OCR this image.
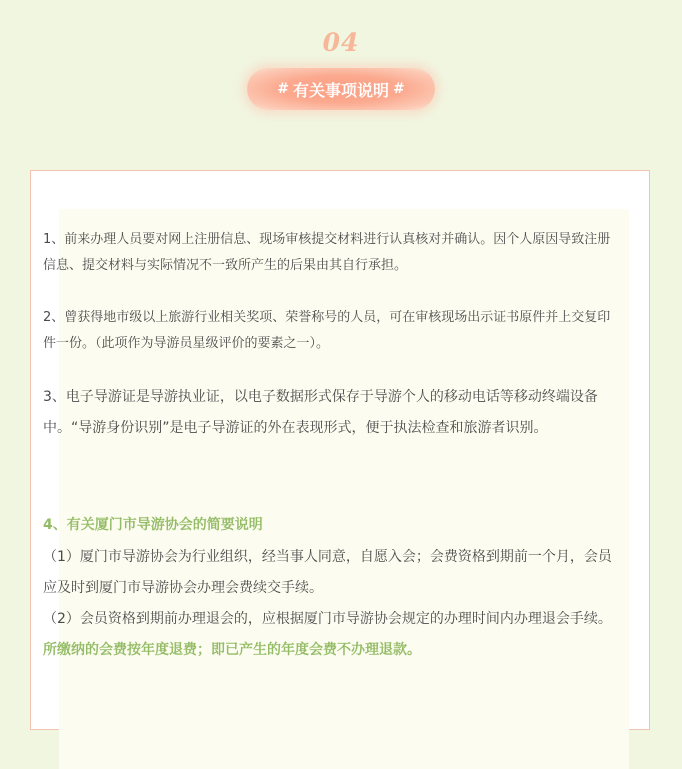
04
# 有关事项说明 #

1、前来办理人员要对网上注册信息、现场审核提交材料进行认真核对并确认。因个人原因导致注册信息、提交材料与实际情况不一致所产生的后果由其自行承担。

2、曾获得地市级以上旅游行业相关奖项、荣誉称号的人员，可在审核现场出示证书原件并上交复印件一份。（此项作为导游员星级评价的要素之一）。

3、电子导游证是导游执业证，以电子数据形式保存于导游个人的移动电话等移动终端设备中。“导游身份识别”是电子导游证的外在表现形式，便于执法检查和旅游者识别。

4、有关厦门市导游协会的简要说明
（1）厦门市导游协会为行业组织，经当事人同意，自愿入会；会费资格到期前一个月，会员应及时到厦门市导游协会办理会费续交手续。
（2）会员资格到期前办理退会的，应根据厦门市导游协会规定的办理时间内办理退会手续。所缴纳的会费按年度退费；即已产生的年度会费不办理退款。
